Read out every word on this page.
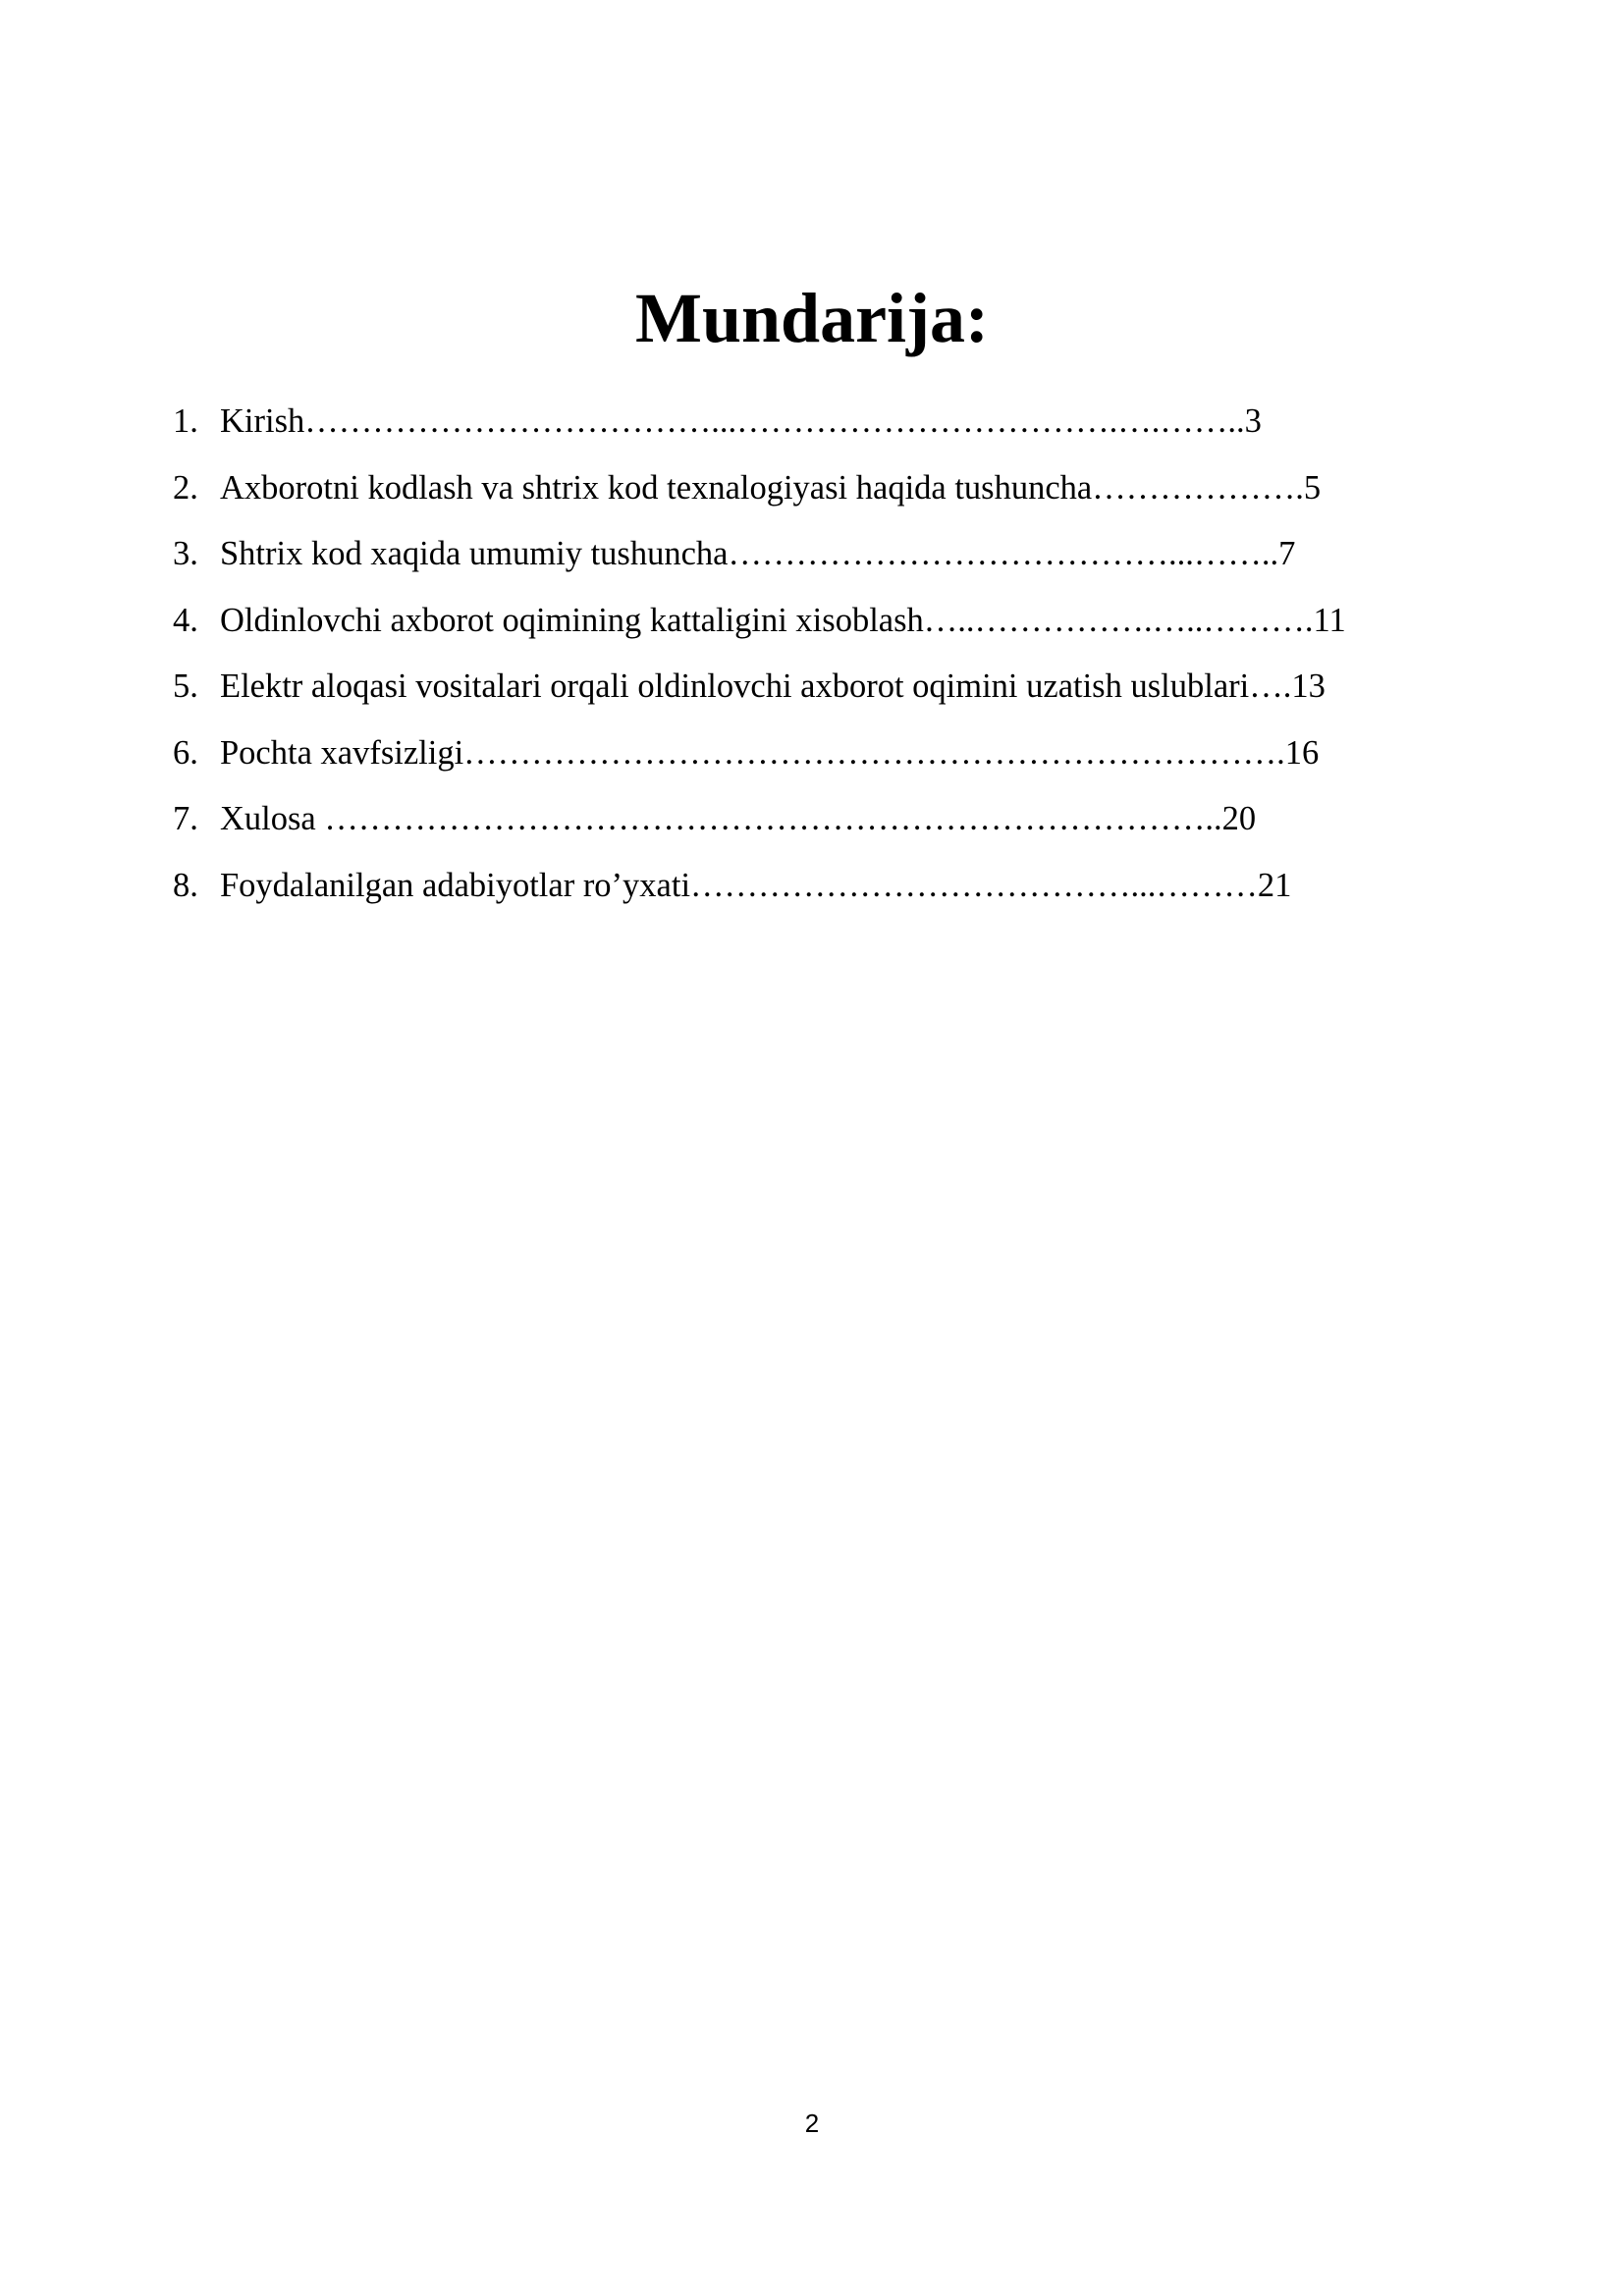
Mundarija:
1. Kirish………………………………...…………………………….….……..3
2. Axborotni kodlash va shtrix kod texnalogiyasi haqida tushuncha……………….5
3. Shtrix kod xaqida umumiy tushuncha…………………………………...……..7
4. Oldinlovchi axborot oqimining kattaligini xisoblash…..…………….…..……….11
5. Elektr aloqasi vositalari orqali oldinlovchi axborot oqimini uzatish uslublari….13
6. Pochta xavfsizligi……………………………………………………………….16
7. Xulosa ……………………………………………………………………..20
8. Foydalanilgan adabiyotlar ro’yxati…………………………………...………21
2
